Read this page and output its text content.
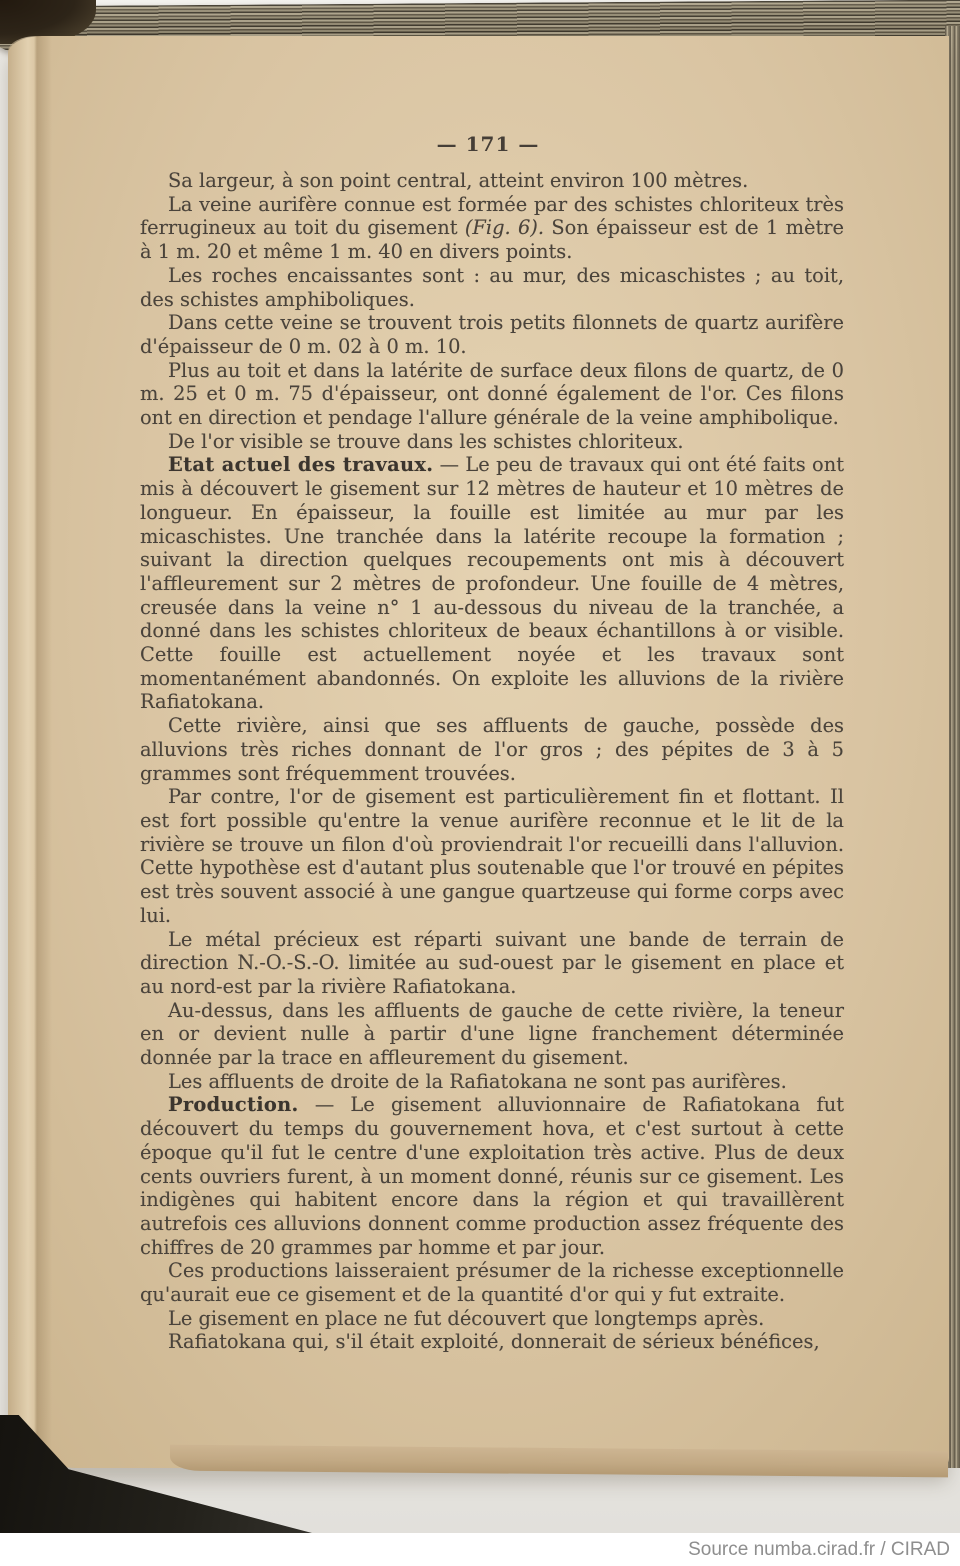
— 171 —

Sa largeur, à son point central, atteint environ 100 mètres.

La veine aurifère connue est formée par des schistes chloriteux très ferrugineux au toit du gisement (Fig. 6). Son épaisseur est de 1 mètre à 1 m. 20 et même 1 m. 40 en divers points.

Les roches encaissantes sont : au mur, des micaschistes ; au toit, des schistes amphiboliques.

Dans cette veine se trouvent trois petits filonnets de quartz aurifère d'épaisseur de 0 m. 02 à 0 m. 10.

Plus au toit et dans la latérite de surface deux filons de quartz, de 0 m. 25 et 0 m. 75 d'épaisseur, ont donné également de l'or. Ces filons ont en direction et pendage l'allure générale de la veine amphibolique.

De l'or visible se trouve dans les schistes chloriteux.

Etat actuel des travaux. — Le peu de travaux qui ont été faits ont mis à découvert le gisement sur 12 mètres de hauteur et 10 mètres de longueur. En épaisseur, la fouille est limitée au mur par les micaschistes. Une tranchée dans la latérite recoupe la formation ; suivant la direction quelques recoupements ont mis à découvert l'affleurement sur 2 mètres de profondeur. Une fouille de 4 mètres, creusée dans la veine n° 1 au-dessous du niveau de la tranchée, a donné dans les schistes chloriteux de beaux échantillons à or visible. Cette fouille est actuellement noyée et les travaux sont momentanément abandonnés. On exploite les alluvions de la rivière Rafiatokana.

Cette rivière, ainsi que ses affluents de gauche, possède des alluvions très riches donnant de l'or gros ; des pépites de 3 à 5 grammes sont fréquemment trouvées.

Par contre, l'or de gisement est particulièrement fin et flottant. Il est fort possible qu'entre la venue aurifère reconnue et le lit de la rivière se trouve un filon d'où proviendrait l'or recueilli dans l'alluvion. Cette hypothèse est d'autant plus soutenable que l'or trouvé en pépites est très souvent associé à une gangue quartzeuse qui forme corps avec lui.

Le métal précieux est réparti suivant une bande de terrain de direction N.-O.-S.-O. limitée au sud-ouest par le gisement en place et au nord-est par la rivière Rafiatokana.

Au-dessus, dans les affluents de gauche de cette rivière, la teneur en or devient nulle à partir d'une ligne franchement déterminée donnée par la trace en affleurement du gisement.

Les affluents de droite de la Rafiatokana ne sont pas aurifères.

Production. — Le gisement alluvionnaire de Rafiatokana fut découvert du temps du gouvernement hova, et c'est surtout à cette époque qu'il fut le centre d'une exploitation très active. Plus de deux cents ouvriers furent, à un moment donné, réunis sur ce gisement. Les indigènes qui habitent encore dans la région et qui travaillèrent autrefois ces alluvions donnent comme production assez fréquente des chiffres de 20 grammes par homme et par jour.

Ces productions laisseraient présumer de la richesse exceptionnelle qu'aurait eue ce gisement et de la quantité d'or qui y fut extraite.

Le gisement en place ne fut découvert que longtemps après.

Rafiatokana qui, s'il était exploité, donnerait de sérieux bénéfices,

Source numba.cirad.fr / CIRAD
